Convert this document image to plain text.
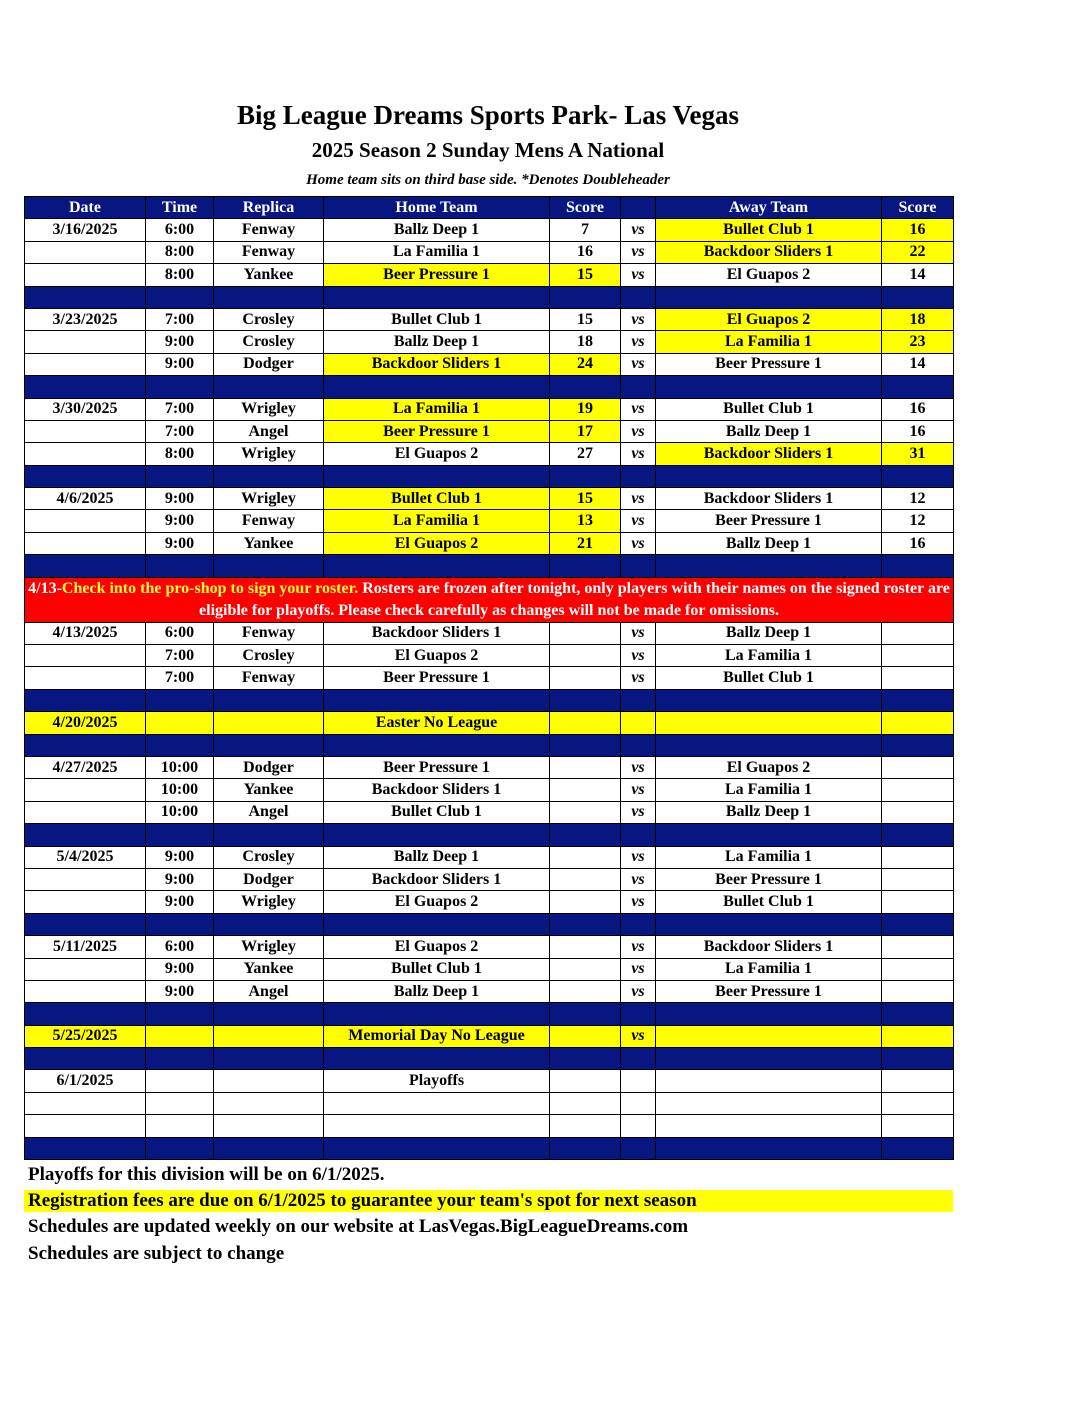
Big League Dreams Sports Park- Las Vegas
2025 Season 2 Sunday Mens A National
Home team sits on third base side. *Denotes Doubleheader
Date	Time	Replica	Home Team	Score		Away Team	Score
3/16/2025	6:00	Fenway	Ballz Deep 1	7	vs	Bullet Club 1	16
	8:00	Fenway	La Familia 1	16	vs	Backdoor Sliders 1	22
	8:00	Yankee	Beer Pressure 1	15	vs	El Guapos 2	14

3/23/2025	7:00	Crosley	Bullet Club 1	15	vs	El Guapos 2	18
	9:00	Crosley	Ballz Deep 1	18	vs	La Familia 1	23
	9:00	Dodger	Backdoor Sliders 1	24	vs	Beer Pressure 1	14

3/30/2025	7:00	Wrigley	La Familia 1	19	vs	Bullet Club 1	16
	7:00	Angel	Beer Pressure 1	17	vs	Ballz Deep 1	16
	8:00	Wrigley	El Guapos 2	27	vs	Backdoor Sliders 1	31

4/6/2025	9:00	Wrigley	Bullet Club 1	15	vs	Backdoor Sliders 1	12
	9:00	Fenway	La Familia 1	13	vs	Beer Pressure 1	12
	9:00	Yankee	El Guapos 2	21	vs	Ballz Deep 1	16

4/13-Check into the pro-shop to sign your roster. Rosters are frozen after tonight, only players with their names on the signed roster are eligible for playoffs. Please check carefully as changes will not be made for omissions.							
4/13/2025	6:00	Fenway	Backdoor Sliders 1		vs	Ballz Deep 1	
	7:00	Crosley	El Guapos 2		vs	La Familia 1	
	7:00	Fenway	Beer Pressure 1		vs	Bullet Club 1	

4/20/2025			Easter No League				

4/27/2025	10:00	Dodger	Beer Pressure 1		vs	El Guapos 2	
	10:00	Yankee	Backdoor Sliders 1		vs	La Familia 1	
	10:00	Angel	Bullet Club 1		vs	Ballz Deep 1	

5/4/2025	9:00	Crosley	Ballz Deep 1		vs	La Familia 1	
	9:00	Dodger	Backdoor Sliders 1		vs	Beer Pressure 1	
	9:00	Wrigley	El Guapos 2		vs	Bullet Club 1	

5/11/2025	6:00	Wrigley	El Guapos 2		vs	Backdoor Sliders 1	
	9:00	Yankee	Bullet Club 1		vs	La Familia 1	
	9:00	Angel	Ballz Deep 1		vs	Beer Pressure 1	

5/25/2025			Memorial Day No League		vs		

6/1/2025			Playoffs				

Playoffs for this division will be on 6/1/2025.
Registration fees are due on 6/1/2025 to guarantee your team's spot for next season
Schedules are updated weekly on our website at LasVegas.BigLeagueDreams.com
Schedules are subject to change
